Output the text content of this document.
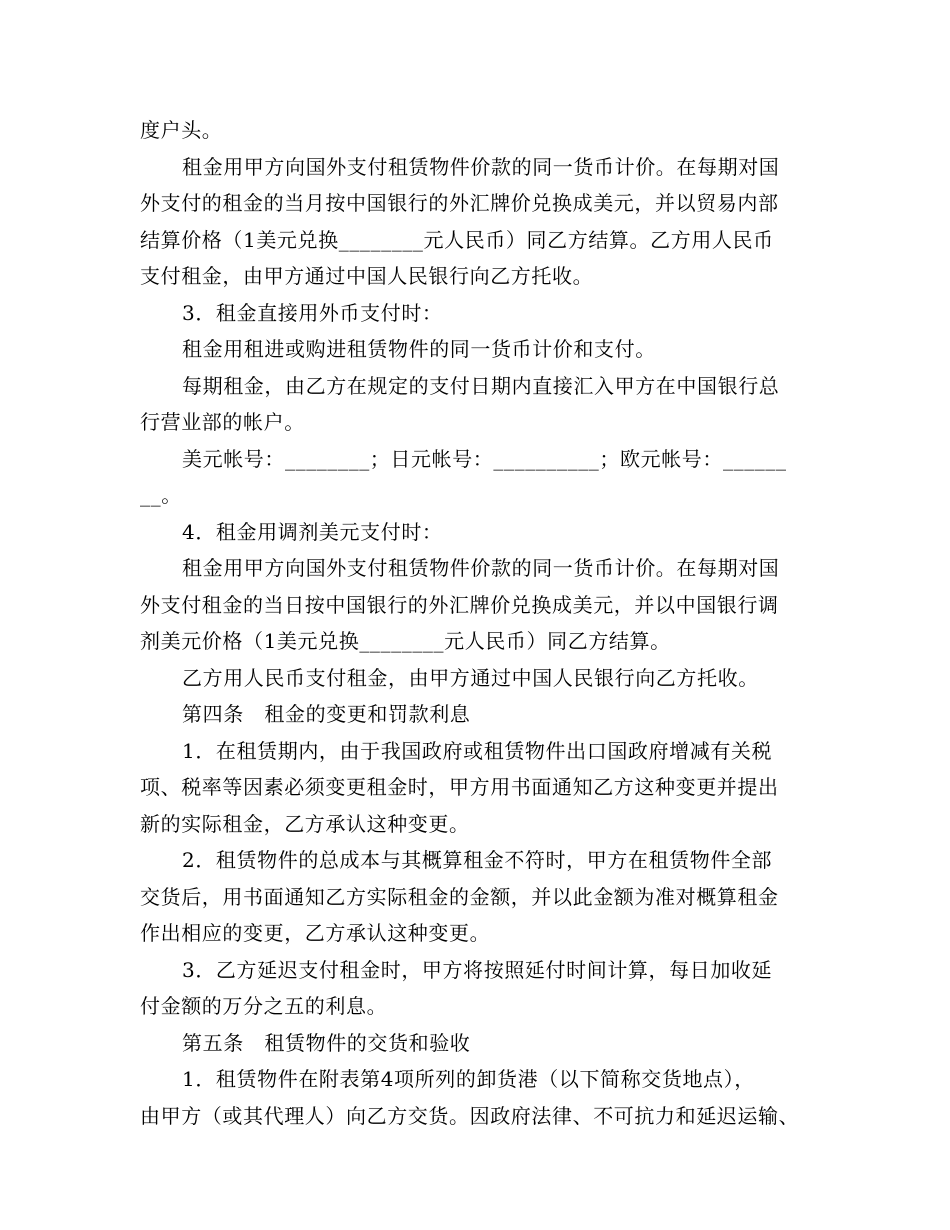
度户头。
租金用甲方向国外支付租赁物件价款的同一货币计价。在每期对国
外支付的租金的当月按中国银行的外汇牌价兑换成美元，并以贸易内部
结算价格（1美元兑换________元人民币）同乙方结算。乙方用人民币
支付租金，由甲方通过中国人民银行向乙方托收。
3．租金直接用外币支付时：
租金用租进或购进租赁物件的同一货币计价和支付。
每期租金，由乙方在规定的支付日期内直接汇入甲方在中国银行总
行营业部的帐户。
美元帐号：________；日元帐号：__________；欧元帐号：______
__。
4．租金用调剂美元支付时：
租金用甲方向国外支付租赁物件价款的同一货币计价。在每期对国
外支付租金的当日按中国银行的外汇牌价兑换成美元，并以中国银行调
剂美元价格（1美元兑换________元人民币）同乙方结算。
乙方用人民币支付租金，由甲方通过中国人民银行向乙方托收。
第四条　租金的变更和罚款利息
1．在租赁期内，由于我国政府或租赁物件出口国政府增减有关税
项、税率等因素必须变更租金时，甲方用书面通知乙方这种变更并提出
新的实际租金，乙方承认这种变更。
2．租赁物件的总成本与其概算租金不符时，甲方在租赁物件全部
交货后，用书面通知乙方实际租金的金额，并以此金额为准对概算租金
作出相应的变更，乙方承认这种变更。
3．乙方延迟支付租金时，甲方将按照延付时间计算，每日加收延
付金额的万分之五的利息。
第五条　租赁物件的交货和验收
1．租赁物件在附表第4项所列的卸货港（以下简称交货地点），
由甲方（或其代理人）向乙方交货。因政府法律、不可抗力和延迟运输、
